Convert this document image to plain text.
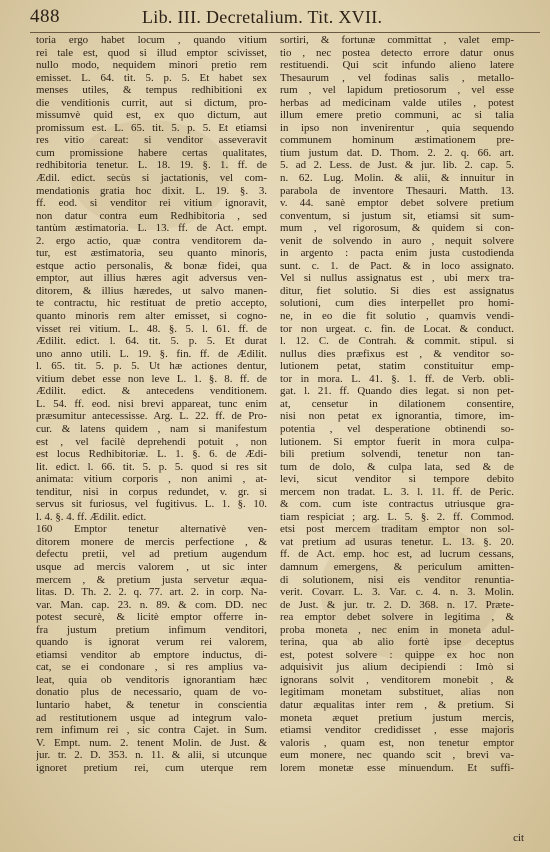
488	Lib. III. Decretalium. Tit. XVII.
toria ergo habet locum , quando vitium
rei tale est, quod si illud emptor scivisset,
nullo modo, nequidem minori pretio rem
emisset. L. 64. tit. 5. p. 5. Et habet sex
menses utiles, & tempus redhibitioni ex
die venditionis currit, aut si dictum, pro-
missumvè quid est, ex quo dictum, aut
promissum est. L. 65. tit. 5. p. 5. Et etiamsi
res vitio careat: si venditor asseveravit
cum promissione habere certas qualitates,
redhibitoria tenetur. L. 18. 19. §. 1. ff. de
Ædil. edict. secùs si jactationis, vel com-
mendationis gratia hoc dixit. L. 19. §. 3.
ff. eod. si venditor rei vitium ignoravit,
non datur contra eum Redhibitoria , sed
tantùm æstimatoria. L. 13. ff. de Act. empt.
2. ergo actio, quæ contra venditorem da-
tur, est æstimatoria, seu quanto minoris,
estque actio personalis, & bonæ fidei, qua
emptor, aut illius hæres agit adversus ven-
ditorem, & illius hæredes, ut salvo manen-
te contractu, hic restituat de pretio accepto,
quanto minoris rem alter emisset, si cogno-
visset rei vitium. L. 48. §. 5. l. 61. ff. de
Ædilit. edict. l. 64. tit. 5. p. 5. Et durat
uno anno utili. L. 19. §. fin. ff. de Ædilit.
l. 65. tit. 5. p. 5. Ut hæ actiones dentur,
vitium debet esse non leve L. 1. §. 8. ff. de
Ædilit. edict. & antecedens venditionem.
L. 54. ff. eod. nisi brevi appareat, tunc enim
præsumitur antecessisse. Arg. L. 22. ff. de Pro-
cur. & latens quidem , nam si manifestum
est , vel facilè deprehendi potuit , non
est locus Redhibitoriæ. L. 1. §. 6. de Ædi-
lit. edict. l. 66. tit. 5. p. 5. quod si res sit
animata: vitium corporis , non animi , at-
tenditur, nisi in corpus redundet, v. gr. si
servus sit furiosus, vel fugitivus. L. 1. §. 10.
l. 4. §. 4. ff. Ædilit. edict.
160 Emptor tenetur alternativè ven-
ditorem monere de mercis perfectione , &
defectu pretii, vel ad pretium augendum
usque ad mercis valorem , ut sic inter
mercem , & pretium justa servetur æqua-
litas. D. Th. 2. 2. q. 77. art. 2. in corp. Na-
var. Man. cap. 23. n. 89. & com. DD. nec
potest securè, & licitè emptor offerre in-
fra justum pretium infimum venditori,
quando is ignorat verum rei valorem,
etiamsi venditor ab emptore inductus, di-
cat, se ei condonare , si res amplius va-
leat, quia ob venditoris ignorantiam hæc
donatio plus de necessario, quam de vo-
luntario habet, & tenetur in conscientia
ad restitutionem usque ad integrum valo-
rem infimum rei , sic contra Cajet. in Sum.
V. Empt. num. 2. tenent Molin. de Just. &
jur. tr. 2. D. 353. n. 11. & alii, si utcunque
ignoret pretium rei, cum uterque rem
sortiri, & fortunæ committat , valet emp-
tio , nec postea detecto errore datur onus
restituendi. Qui scit infundo alieno latere
Thesaurum , vel fodinas salis , metallo-
rum , vel lapidum pretiosorum , vel esse
herbas ad medicinam valde utiles , potest
illum emere pretio communi, ac si talia
in ipso non invenirentur , quia sequendo
communem hominum æstimationem pre-
tium justum dat. D. Thom. 2. 2. q. 66. art.
5. ad 2. Less. de Just. & jur. lib. 2. cap. 5.
n. 62. Lug. Molin. & alii, & innuitur in
parabola de inventore Thesauri. Matth. 13.
v. 44. sanè emptor debet solvere pretium
conventum, si justum sit, etiamsi sit sum-
mum , vel rigorosum, & quidem si con-
venit de solvendo in auro , nequit solvere
in argento : pacta enim justa custodienda
sunt. c. 1. de Pact. & in loco assignato.
Vel si nullus assignatus est , ubi merx tra-
ditur, fiet solutio. Si dies est assignatus
solutioni, cum dies interpellet pro homi-
ne, in eo die fit solutio , quamvis vendi-
tor non urgeat. c. fin. de Locat. & conduct.
l. 12. C. de Contrah. & commit. stipul. si
nullus dies præfixus est , & venditor so-
lutionem petat, statim constituitur emp-
tor in mora. L. 41. §. 1. ff. de Verb. obli-
gat. l. 21. ff. Quando dies legat. si non pet-
at, censetur in dilationem consentire,
nisi non petat ex ignorantia, timore, im-
potentia , vel desperatione obtinendi so-
lutionem. Si emptor fuerit in mora culpa-
bili pretium solvendi, tenetur non tan-
tum de dolo, & culpa lata, sed & de
levi, sicut venditor si tempore debito
mercem non tradat. L. 3. l. 11. ff. de Peric.
& com. cum iste contractus utriusque gra-
tiam respiciat ; arg. L. 5. §. 2. ff. Commod.
etsi post mercem traditam emptor non sol-
vat pretium ad usuras tenetur. L. 13. §. 20.
ff. de Act. emp. hoc est, ad lucrum cessans,
damnum emergens, & periculum amitten-
di solutionem, nisi eis venditor renuntia-
verit. Covarr. L. 3. Var. c. 4. n. 3. Molin.
de Just. & jur. tr. 2. D. 368. n. 17. Præte-
rea emptor debet solvere in legitima , &
proba moneta , nec enim in moneta adul-
terina, qua ab alio fortè ipse deceptus
est, potest solvere : quippe ex hoc non
adquisivit jus alium decipiendi : Imò si
ignorans solvit , venditorem monebit , &
legitimam monetam substituet, alias non
datur æqualitas inter rem , & pretium. Si
moneta æquet pretium justum mercis,
etiamsi venditor credidisset , esse majoris
valoris , quam est, non tenetur emptor
eum monere, nec quando scit , brevi va-
lorem monetæ esse minuendum. Et suffi-
cit
